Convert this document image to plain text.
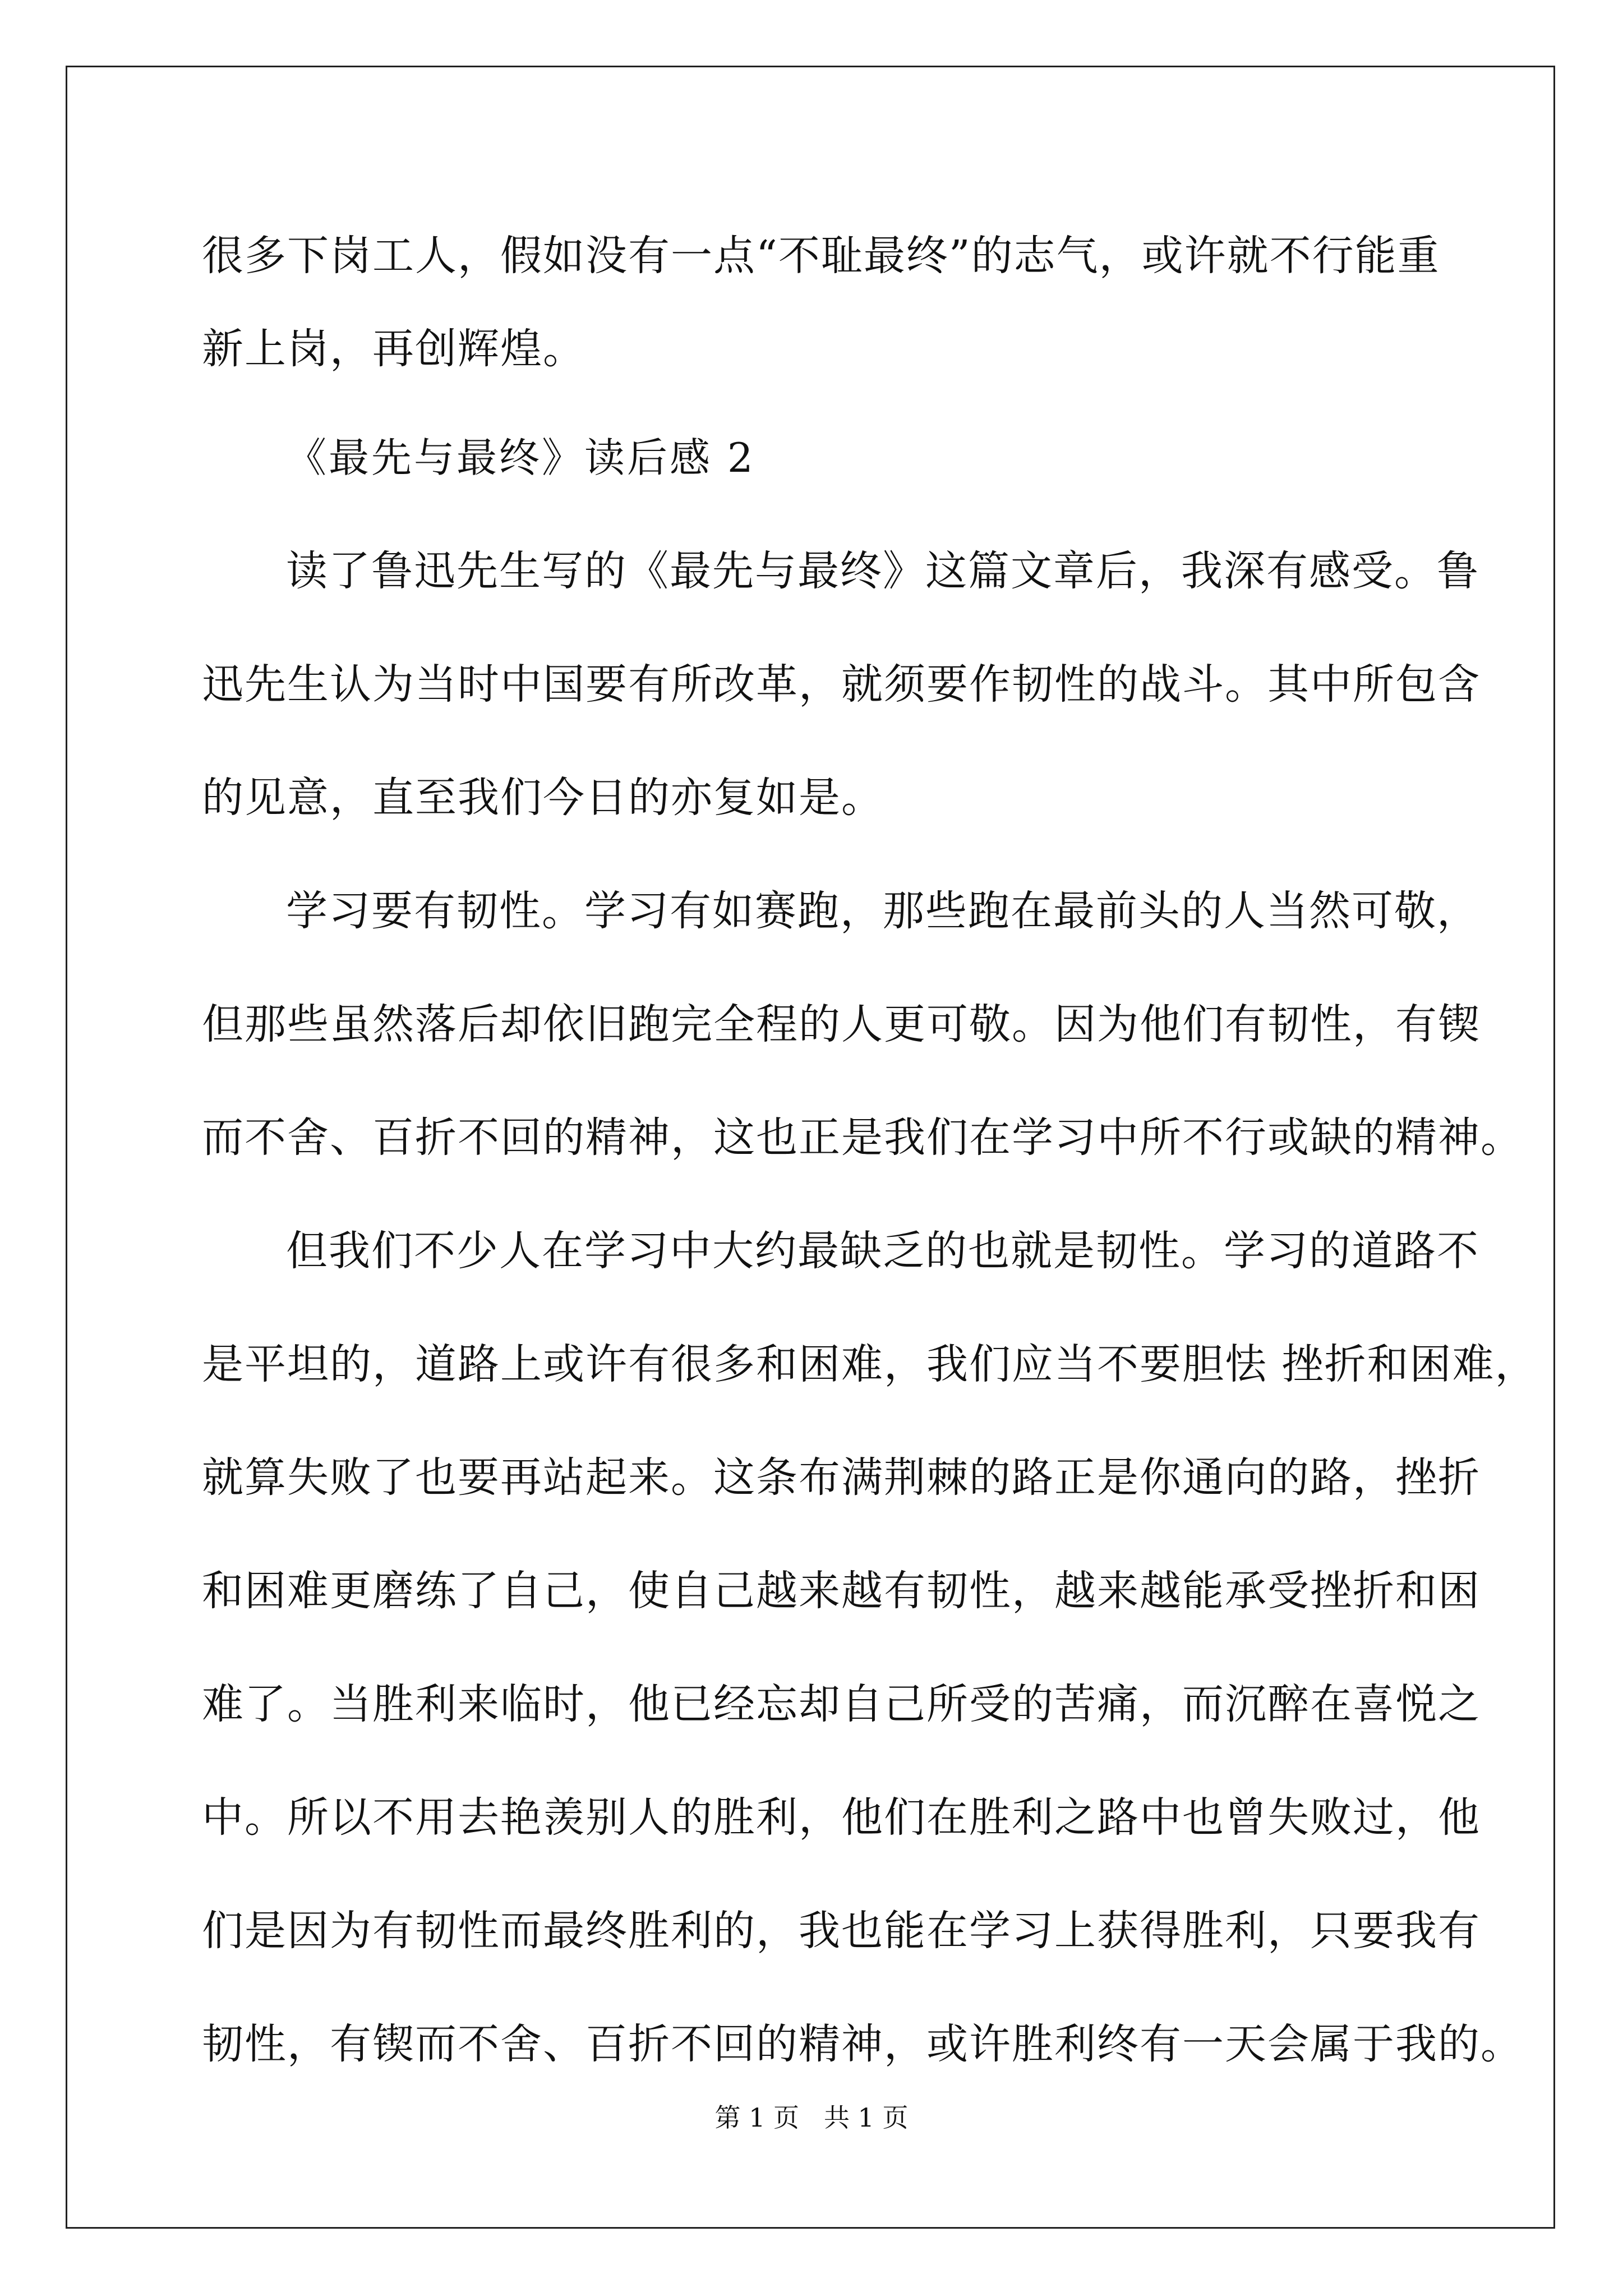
很多下岗工人，假如没有一点“不耻最终”的志气，或许就不行能重
新上岗，再创辉煌。
《最先与最终》读后感 2
读了鲁迅先生写的《最先与最终》这篇文章后，我深有感受。鲁
迅先生认为当时中国要有所改革，就须要作韧性的战斗。其中所包含
的见意，直至我们今日的亦复如是。
学习要有韧性。学习有如赛跑，那些跑在最前头的人当然可敬，
但那些虽然落后却依旧跑完全程的人更可敬。因为他们有韧性，有锲
而不舍、百折不回的精神，这也正是我们在学习中所不行或缺的精神。
但我们不少人在学习中大约最缺乏的也就是韧性。学习的道路不
是平坦的，道路上或许有很多和困难，我们应当不要胆怯 挫折和困难，
就算失败了也要再站起来。这条布满荆棘的路正是你通向的路，挫折
和困难更磨练了自己，使自己越来越有韧性，越来越能承受挫折和困
难了。当胜利来临时，他已经忘却自己所受的苦痛，而沉醉在喜悦之
中。所以不用去艳羡别人的胜利，他们在胜利之路中也曾失败过，他
们是因为有韧性而最终胜利的，我也能在学习上获得胜利，只要我有
韧性，有锲而不舍、百折不回的精神，或许胜利终有一天会属于我的。
第 1 页 共 1 页
